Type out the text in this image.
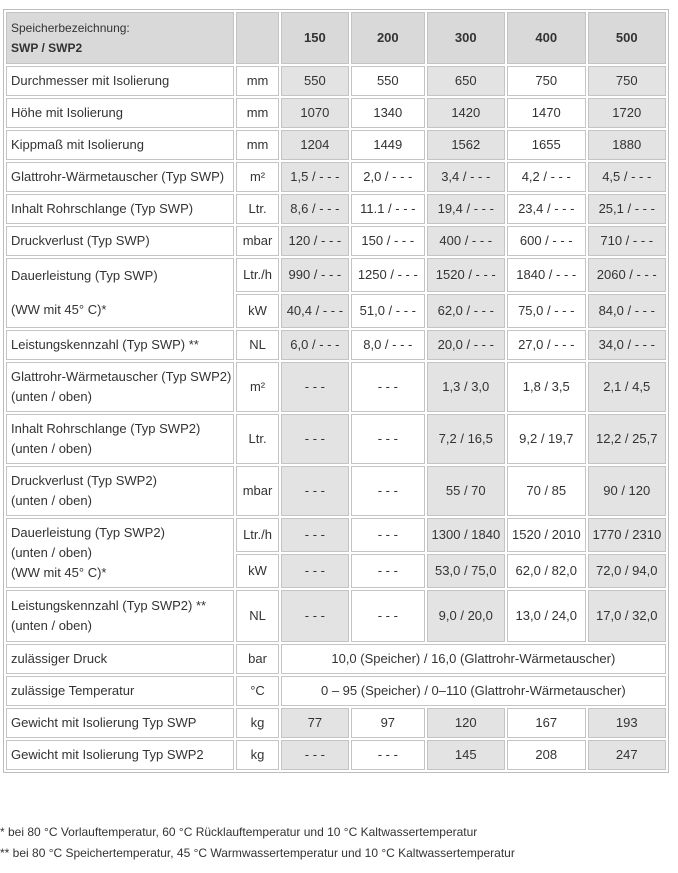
Speicherbezeichnung:
SWP / SWP2		150	200	300	400	500
Durchmesser mit Isolierung	mm	550	550	650	750	750
Höhe mit Isolierung	mm	1070	1340	1420	1470	1720
Kippmaß mit Isolierung	mm	1204	1449	1562	1655	1880
Glattrohr-Wärmetauscher (Typ SWP)	m²	1,5 / - - -	2,0 / - - -	3,4 / - - -	4,2 / - - -	4,5 / - - -
Inhalt Rohrschlange (Typ SWP)	Ltr.	8,6 / - - -	11.1 / - - -	19,4 / - - -	23,4 / - - -	25,1 / - - -
Druckverlust (Typ SWP)	mbar	120 / - - -	150 / - - -	400 / - - -	600 / - - -	710 / - - -

Dauerleistung (Typ SWP)
(WW mit 45° C)*	Ltr./h	990 / - - -	1250 / - - -	1520 / - - -	1840 / - - -	2060 / - - -
	kW	40,4 / - - -	51,0 / - - -	62,0 / - - -	75,0 / - - -	84,0 / - - -
Leistungskennzahl (Typ SWP) **	NL	6,0 / - - -	8,0 / - - -	20,0 / - - -	27,0 / - - -	34,0 / - - -

Glattrohr-Wärmetauscher (Typ SWP2)
(unten / oben)	m²	- - -	- - -	1,3 / 3,0	1,8 / 3,5	2,1 / 4,5

Inhalt Rohrschlange (Typ SWP2)
(unten / oben)	Ltr.	- - -	- - -	7,2 / 16,5	9,2 / 19,7	12,2 / 25,7

Druckverlust (Typ SWP2)
(unten / oben)	mbar	- - -	- - -	55 / 70	70 / 85	90 / 120

Dauerleistung (Typ SWP2)
(unten / oben)
(WW mit 45° C)*	Ltr./h	- - -	- - -	1300 / 1840	1520 / 2010	1770 / 2310
	kW	- - -	- - -	53,0 / 75,0	62,0 / 82,0	72,0 / 94,0

Leistungskennzahl (Typ SWP2) **
(unten / oben)	NL	- - -	- - -	9,0 / 20,0	13,0 / 24,0	17,0 / 32,0
zulässiger Druck	bar	10,0 (Speicher) / 16,0 (Glattrohr-Wärmetauscher)				
zulässige Temperatur	°C	0 – 95 (Speicher) / 0–110 (Glattrohr-Wärmetauscher)				
Gewicht mit Isolierung Typ SWP	kg	77	97	120	167	193
Gewicht mit Isolierung Typ SWP2	kg	- - -	- - -	145	208	247
* bei 80 °C Vorlauftemperatur, 60 °C Rücklauftemperatur und 10 °C Kaltwassertemperatur
** bei 80 °C Speichertemperatur, 45 °C Warmwassertemperatur und 10 °C Kaltwassertemperatur
